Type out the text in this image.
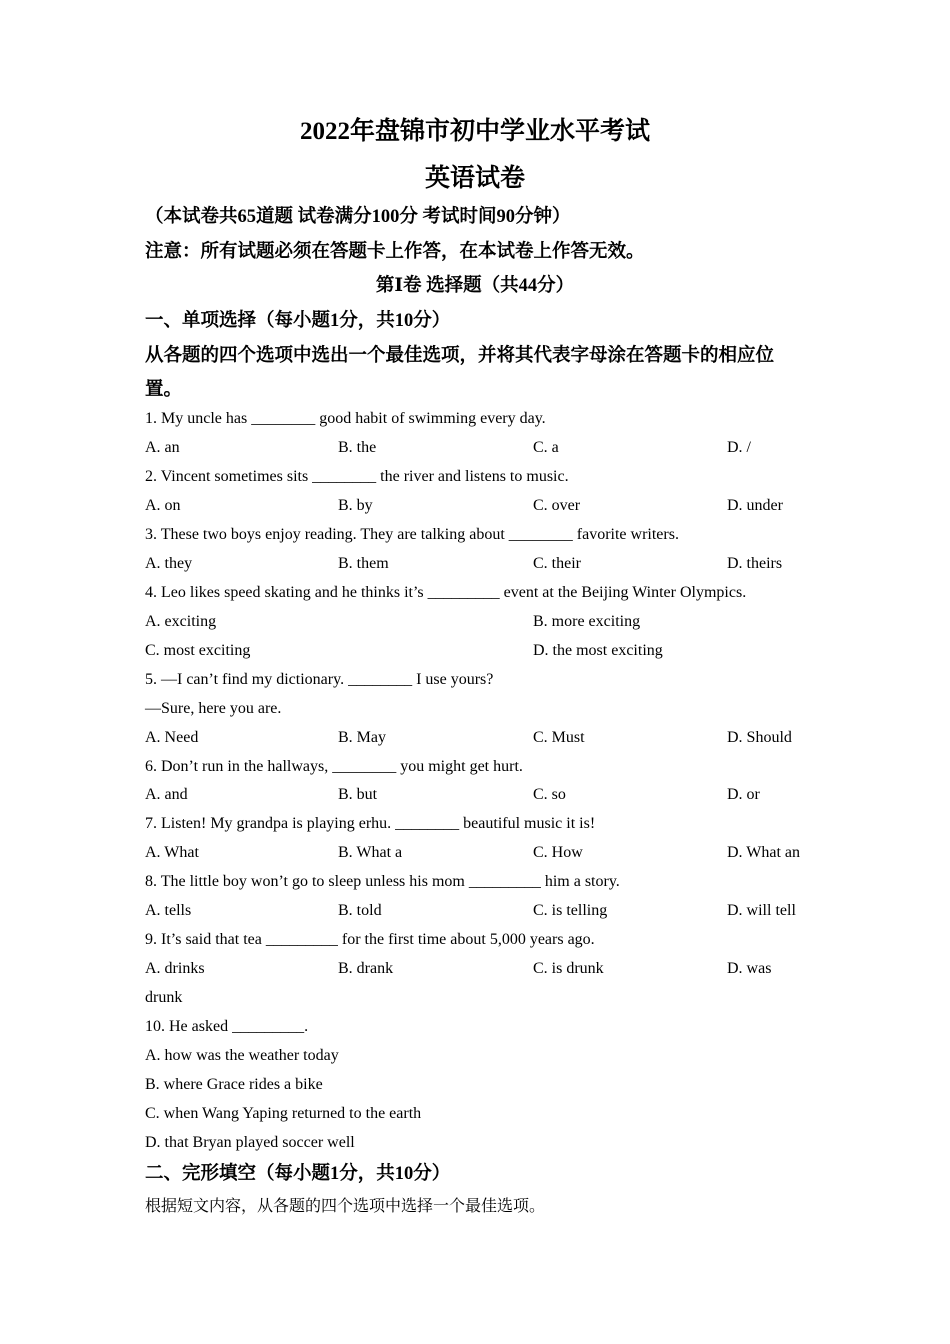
2022年盘锦市初中学业水平考试
英语试卷
（本试卷共65道题 试卷满分100分 考试时间90分钟）
注意：所有试题必须在答题卡上作答，在本试卷上作答无效。
第Ⅰ卷 选择题（共44分）
一、单项选择（每小题1分，共10分）
从各题的四个选项中选出一个最佳选项，并将其代表字母涂在答题卡的相应位
置。
1. My uncle has ________ good habit of swimming every day.
A. an	B. the	C. a	D. /
2. Vincent sometimes sits ________ the river and listens to music.
A. on	B. by	C. over	D. under
3. These two boys enjoy reading. They are talking about ________ favorite writers.
A. they	B. them	C. their	D. theirs
4. Leo likes speed skating and he thinks it’s _________ event at the Beijing Winter Olympics.
A. exciting	B. more exciting
C. most exciting	D. the most exciting
5. —I can’t find my dictionary. ________ I use yours?
—Sure, here you are.
A. Need	B. May	C. Must	D. Should
6. Don’t run in the hallways, ________ you might get hurt.
A. and	B. but	C. so	D. or
7. Listen! My grandpa is playing erhu. ________ beautiful music it is!
A. What	B. What a	C. How	D. What an
8. The little boy won’t go to sleep unless his mom _________ him a story.
A. tells	B. told	C. is telling	D. will tell
9. It’s said that tea _________ for the first time about 5,000 years ago.
A. drinks	B. drank	C. is drunk	D. was
drunk
10. He asked _________.
A. how was the weather today
B. where Grace rides a bike
C. when Wang Yaping returned to the earth
D. that Bryan played soccer well
二、完形填空（每小题1分，共10分）
根据短文内容，从各题的四个选项中选择一个最佳选项。
